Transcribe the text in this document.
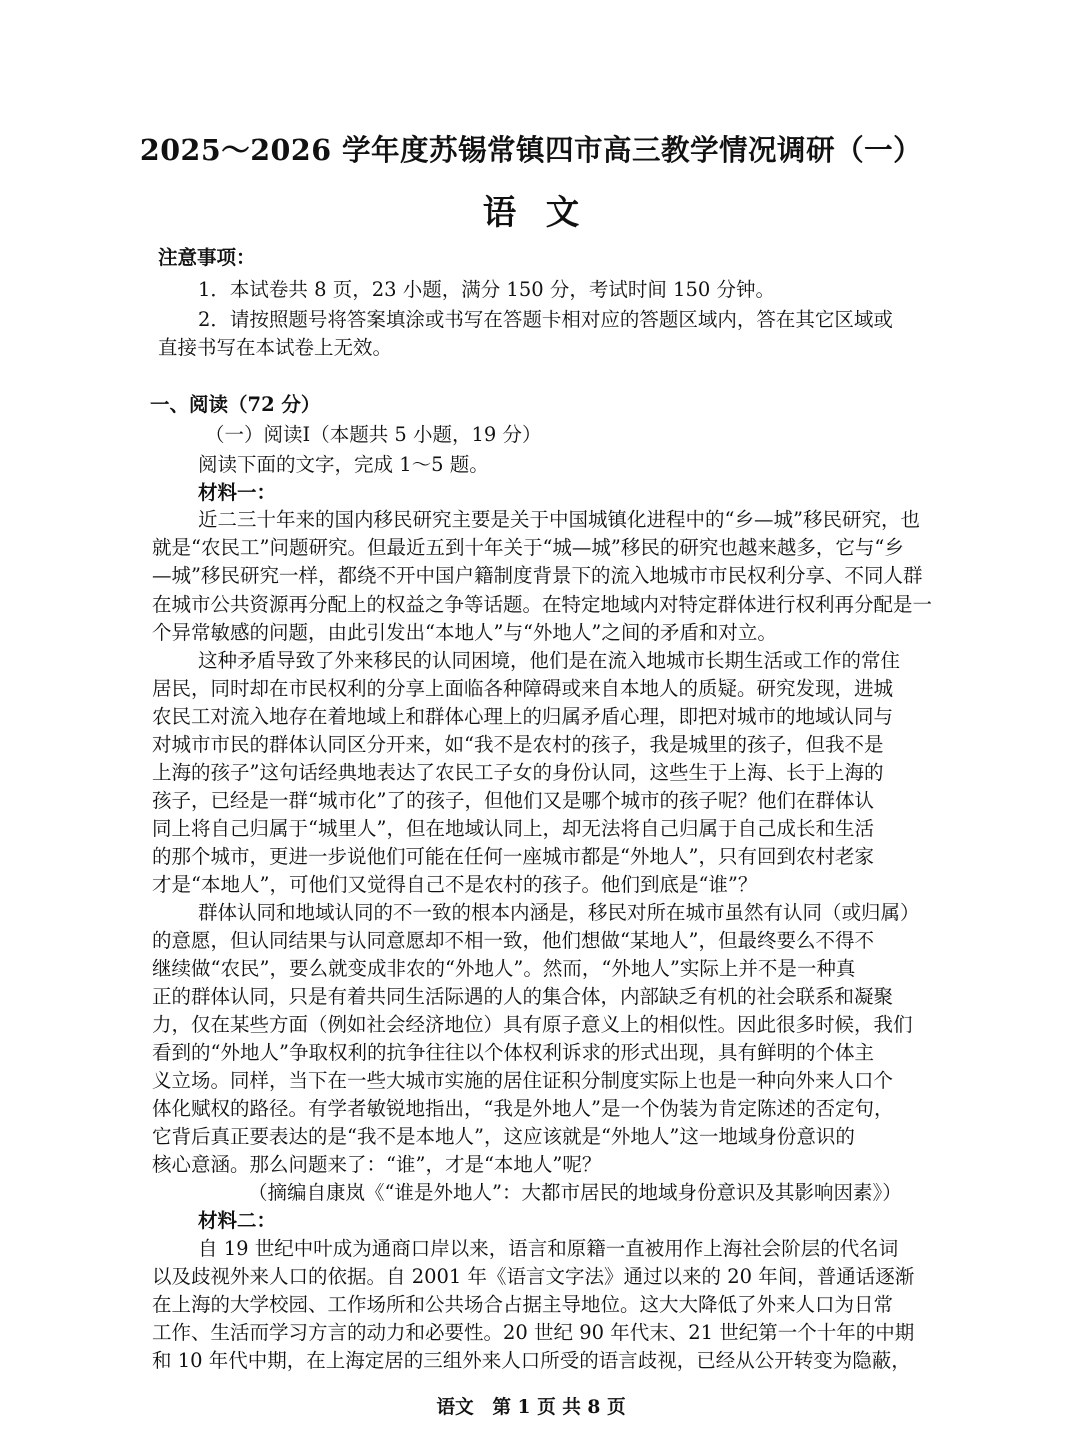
2025～2026 学年度苏锡常镇四市高三教学情况调研（一）
语文
注意事项：
1．本试卷共 8 页，23 小题，满分 150 分，考试时间 150 分钟。
2．请按照题号将答案填涂或书写在答题卡相对应的答题区域内，答在其它区域或
直接书写在本试卷上无效。
一、阅读（72 分）
（一）阅读Ⅰ（本题共 5 小题，19 分）
阅读下面的文字，完成 1～5 题。
材料一：
近二三十年来的国内移民研究主要是关于中国城镇化进程中的“乡—城”移民研究，也
就是“农民工”问题研究。但最近五到十年关于“城—城”移民的研究也越来越多，它与“乡
—城”移民研究一样，都绕不开中国户籍制度背景下的流入地城市市民权利分享、不同人群
在城市公共资源再分配上的权益之争等话题。在特定地域内对特定群体进行权利再分配是一
个异常敏感的问题，由此引发出“本地人”与“外地人”之间的矛盾和对立。
这种矛盾导致了外来移民的认同困境，他们是在流入地城市长期生活或工作的常住
居民，同时却在市民权利的分享上面临各种障碍或来自本地人的质疑。研究发现，进城
农民工对流入地存在着地域上和群体心理上的归属矛盾心理，即把对城市的地域认同与
对城市市民的群体认同区分开来，如“我不是农村的孩子，我是城里的孩子，但我不是
上海的孩子”这句话经典地表达了农民工子女的身份认同，这些生于上海、长于上海的
孩子，已经是一群“城市化”了的孩子，但他们又是哪个城市的孩子呢？他们在群体认
同上将自己归属于“城里人”，但在地域认同上，却无法将自己归属于自己成长和生活
的那个城市，更进一步说他们可能在任何一座城市都是“外地人”，只有回到农村老家
才是“本地人”，可他们又觉得自己不是农村的孩子。他们到底是“谁”？
群体认同和地域认同的不一致的根本内涵是，移民对所在城市虽然有认同（或归属）
的意愿，但认同结果与认同意愿却不相一致，他们想做“某地人”，但最终要么不得不
继续做“农民”，要么就变成非农的“外地人”。然而，“外地人”实际上并不是一种真
正的群体认同，只是有着共同生活际遇的人的集合体，内部缺乏有机的社会联系和凝聚
力，仅在某些方面（例如社会经济地位）具有原子意义上的相似性。因此很多时候，我们
看到的“外地人”争取权利的抗争往往以个体权利诉求的形式出现，具有鲜明的个体主
义立场。同样，当下在一些大城市实施的居住证积分制度实际上也是一种向外来人口个
体化赋权的路径。有学者敏锐地指出，“我是外地人”是一个伪装为肯定陈述的否定句，
它背后真正要表达的是“我不是本地人”，这应该就是“外地人”这一地域身份意识的
核心意涵。那么问题来了：“谁”，才是“本地人”呢？
（摘编自康岚《“谁是外地人”：大都市居民的地域身份意识及其影响因素》）
材料二：
自 19 世纪中叶成为通商口岸以来，语言和原籍一直被用作上海社会阶层的代名词
以及歧视外来人口的依据。自 2001 年《语言文字法》通过以来的 20 年间，普通话逐渐
在上海的大学校园、工作场所和公共场合占据主导地位。这大大降低了外来人口为日常
工作、生活而学习方言的动力和必要性。20 世纪 90 年代末、21 世纪第一个十年的中期
和 10 年代中期，在上海定居的三组外来人口所受的语言歧视，已经从公开转变为隐蔽，
语文　第 1 页 共 8 页
